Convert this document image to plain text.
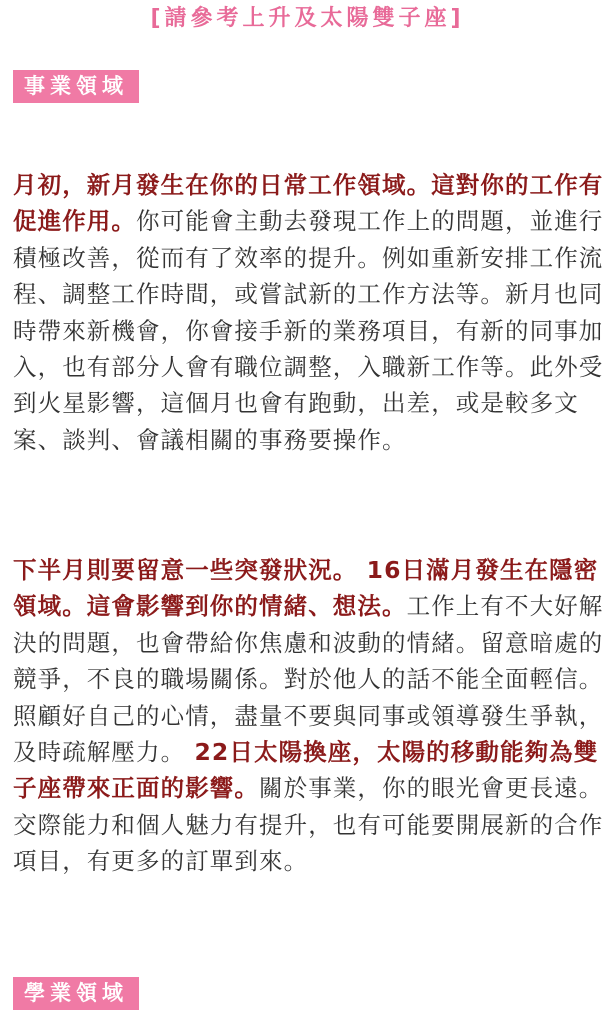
[請參考上升及太陽雙子座]
事業領域

月初，新月發生在你的日常工作領域。這對你的工作有促進作用。你可能會主動去發現工作上的問題，並進行積極改善，從而有了效率的提升。例如重新安排工作流程、調整工作時間，或嘗試新的工作方法等。新月也同時帶來新機會，你會接手新的業務項目，有新的同事加入，也有部分人會有職位調整，入職新工作等。此外受到火星影響，這個月也會有跑動，出差，或是較多文案、談判、會議相關的事務要操作。

下半月則要留意一些突發狀況。 16日滿月發生在隱密領域。這會影響到你的情緒、想法。工作上有不大好解決的問題，也會帶給你焦慮和波動的情緒。留意暗處的競爭，不良的職場關係。對於他人的話不能全面輕信。照顧好自己的心情，盡量不要與同事或領導發生爭執，及時疏解壓力。 22日太陽換座，太陽的移動能夠為雙子座帶來正面的影響。關於事業，你的眼光會更長遠。交際能力和個人魅力有提升，也有可能要開展新的合作項目，有更多的訂單到來。

學業領域
